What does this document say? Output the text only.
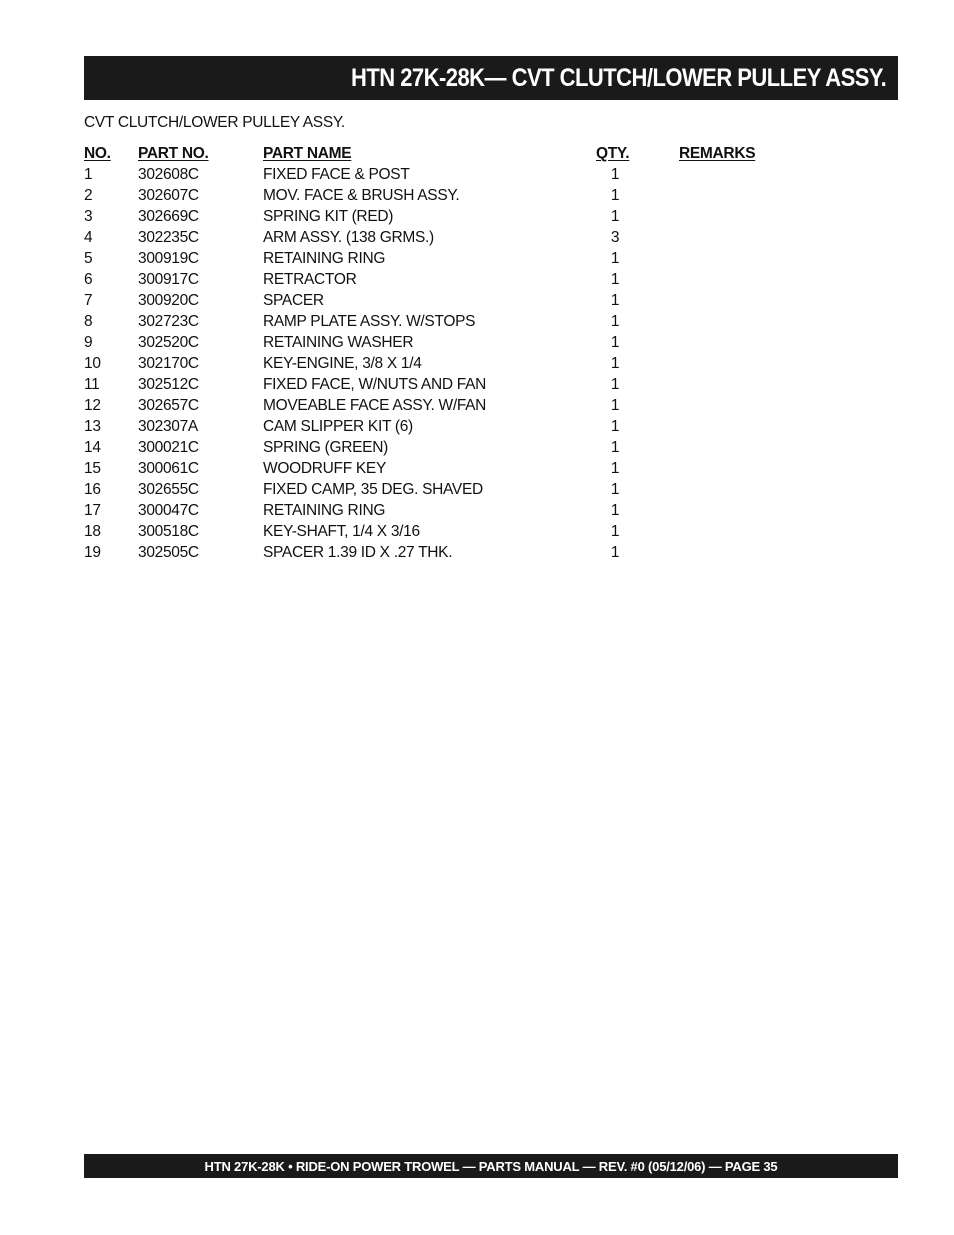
HTN 27K-28K— CVT CLUTCH/LOWER PULLEY ASSY.
CVT CLUTCH/LOWER PULLEY ASSY.
NO. PART NO.	PART NAME	QTY.	REMARKS
1	302608C	FIXED FACE & POST	1
2	302607C	MOV. FACE & BRUSH ASSY.	1
3	302669C	SPRING KIT (RED)	1
4	302235C	ARM ASSY. (138 GRMS.)	3
5	300919C	RETAINING RING	1
6	300917C	RETRACTOR	1
7	300920C	SPACER	1
8	302723C	RAMP PLATE ASSY. W/STOPS	1
9	302520C	RETAINING WASHER	1
10 302170C	KEY-ENGINE, 3/8 X 1/4	1
11 302512C	FIXED FACE, W/NUTS AND FAN	1
12 302657C	MOVEABLE FACE ASSY. W/FAN	1
13 302307A	CAM SLIPPER KIT (6)	1
14 300021C	SPRING (GREEN)	1
15 300061C	WOODRUFF KEY	1
16 302655C	FIXED CAMP, 35 DEG. SHAVED	1
17 300047C	RETAINING RING	1
18 300518C	KEY-SHAFT, 1/4 X 3/16	1
19 302505C	SPACER 1.39 ID X .27 THK.	1
HTN 27K-28K • RIDE-ON POWER TROWEL — PARTS MANUAL — REV. #0 (05/12/06) — PAGE 35
